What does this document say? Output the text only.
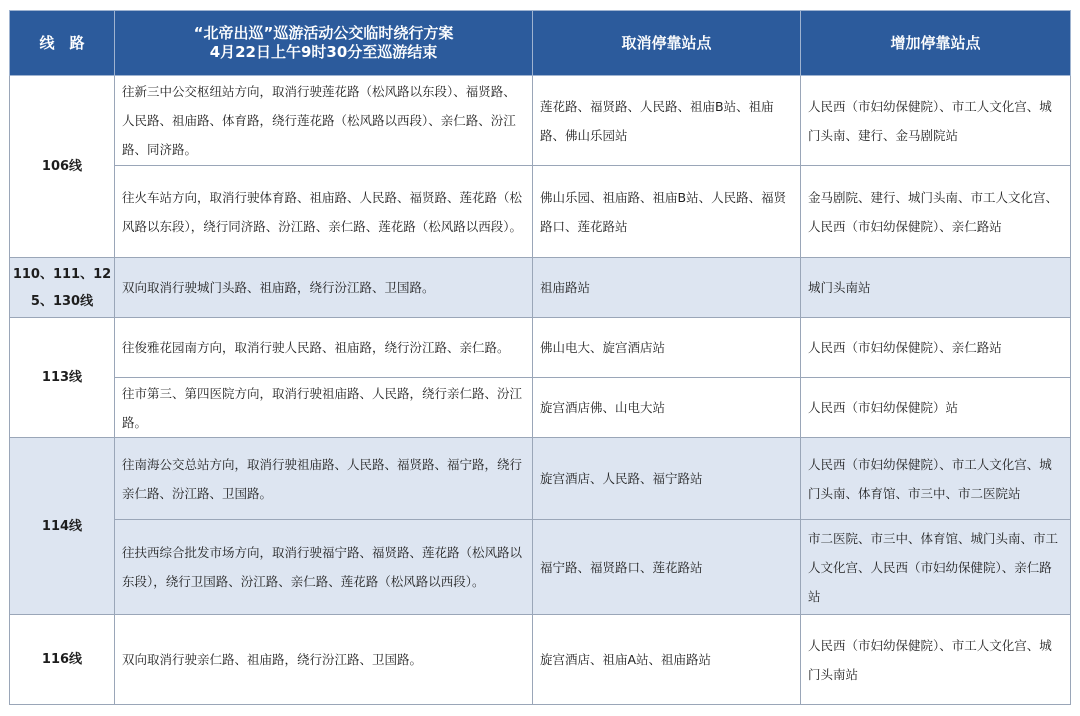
线　路	“北帝出巡”巡游活动公交临时绕行方案
4月22日上午9时30分至巡游结束	取消停靠站点	增加停靠站点
106线	往新三中公交枢纽站方向，取消行驶莲花路（松风路以东段）、福贤路、人民路、祖庙路、体育路，绕行莲花路（松风路以西段）、亲仁路、汾江路、同济路。	莲花路、福贤路、人民路、祖庙B站、祖庙路、佛山乐园站	人民西（市妇幼保健院）、市工人文化宫、城门头南、建行、金马剧院站
	往火车站方向，取消行驶体育路、祖庙路、人民路、福贤路、莲花路（松风路以东段），绕行同济路、汾江路、亲仁路、莲花路（松风路以西段）。	佛山乐园、祖庙路、祖庙B站、人民路、福贤路口、莲花路站	金马剧院、建行、城门头南、市工人文化宫、人民西（市妇幼保健院）、亲仁路站
110、111、125、130线	双向取消行驶城门头路、祖庙路，绕行汾江路、卫国路。	祖庙路站	城门头南站
113线	往俊雅花园南方向，取消行驶人民路、祖庙路，绕行汾江路、亲仁路。	佛山电大、旋宫酒店站	人民西（市妇幼保健院）、亲仁路站
	往市第三、第四医院方向，取消行驶祖庙路、人民路，绕行亲仁路、汾江路。	旋宫酒店佛、山电大站	人民西（市妇幼保健院）站
114线	往南海公交总站方向，取消行驶祖庙路、人民路、福贤路、福宁路，绕行亲仁路、汾江路、卫国路。	旋宫酒店、人民路、福宁路站	人民西（市妇幼保健院）、市工人文化宫、城门头南、体育馆、市三中、市二医院站
	往扶西综合批发市场方向，取消行驶福宁路、福贤路、莲花路（松风路以东段），绕行卫国路、汾江路、亲仁路、莲花路（松风路以西段）。	福宁路、福贤路口、莲花路站	市二医院、市三中、体育馆、城门头南、市工人文化宫、人民西（市妇幼保健院）、亲仁路站
116线	双向取消行驶亲仁路、祖庙路，绕行汾江路、卫国路。	旋宫酒店、祖庙A站、祖庙路站	人民西（市妇幼保健院）、市工人文化宫、城门头南站
